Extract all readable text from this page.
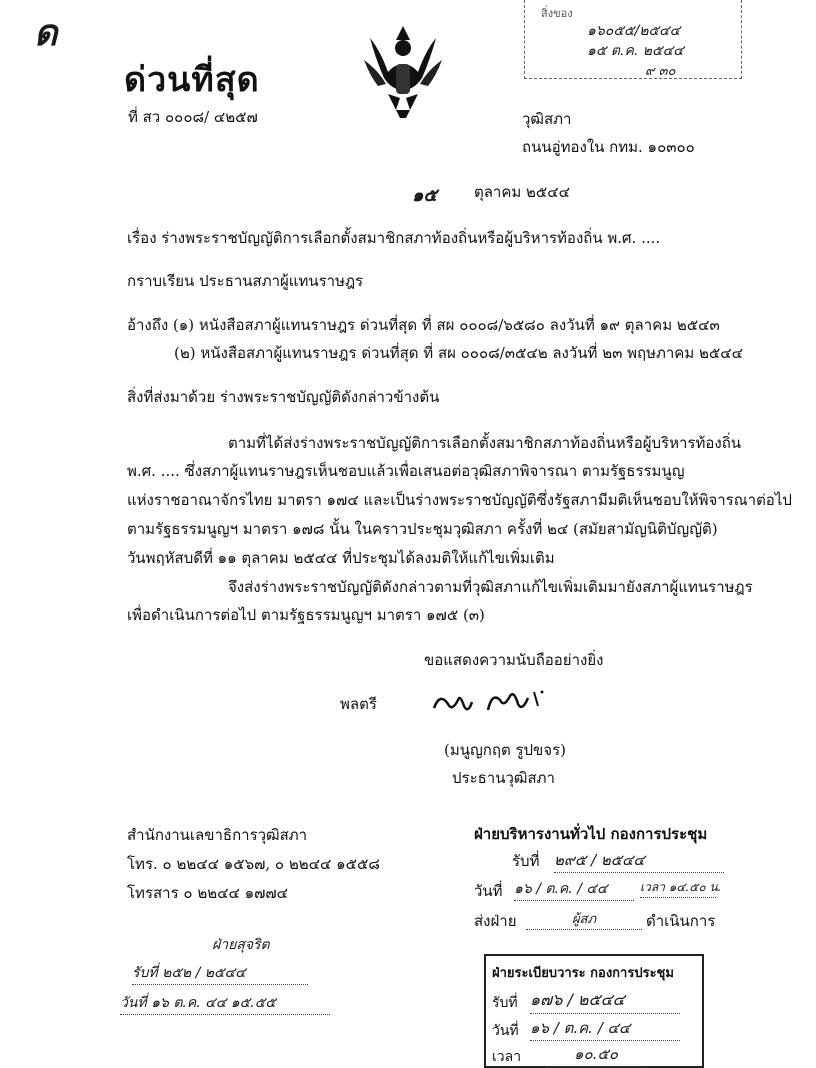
ด	สิ่งของ
๑๖๐๕๕/๒๕๔๔
๑๕ ต.ค. ๒๕๔๔
๙ ๓๐
ด่วนที่สุด
ที่ สว ๐๐๐๘/ ๔๒๕๗	วุฒิสภา
ถนนอู่ทองใน กทม. ๑๐๓๐๐
๑๕ ตุลาคม ๒๕๔๔
เรื่อง ร่างพระราชบัญญัติการเลือกตั้งสมาชิกสภาท้องถิ่นหรือผู้บริหารท้องถิ่น พ.ศ. ....
กราบเรียน ประธานสภาผู้แทนราษฎร
อ้างถึง (๑) หนังสือสภาผู้แทนราษฎร ด่วนที่สุด ที่ สผ ๐๐๐๘/๖๕๘๐ ลงวันที่ ๑๙ ตุลาคม ๒๕๔๓
(๒) หนังสือสภาผู้แทนราษฎร ด่วนที่สุด ที่ สผ ๐๐๐๘/๓๕๔๒ ลงวันที่ ๒๓ พฤษภาคม ๒๕๔๔
สิ่งที่ส่งมาด้วย ร่างพระราชบัญญัติดังกล่าวข้างต้น
ตามที่ได้ส่งร่างพระราชบัญญัติการเลือกตั้งสมาชิกสภาท้องถิ่นหรือผู้บริหารท้องถิ่น
พ.ศ. .... ซึ่งสภาผู้แทนราษฎรเห็นชอบแล้วเพื่อเสนอต่อวุฒิสภาพิจารณา ตามรัฐธรรมนูญ
แห่งราชอาณาจักรไทย มาตรา ๑๗๔ และเป็นร่างพระราชบัญญัติซึ่งรัฐสภามีมติเห็นชอบให้พิจารณาต่อไป
ตามรัฐธรรมนูญฯ มาตรา ๑๗๘ นั้น ในคราวประชุมวุฒิสภา ครั้งที่ ๒๔ (สมัยสามัญนิติบัญญัติ)
วันพฤหัสบดีที่ ๑๑ ตุลาคม ๒๕๔๔ ที่ประชุมได้ลงมติให้แก้ไขเพิ่มเติม
จึงส่งร่างพระราชบัญญัติดังกล่าวตามที่วุฒิสภาแก้ไขเพิ่มเติมมายังสภาผู้แทนราษฎร
เพื่อดำเนินการต่อไป ตามรัฐธรรมนูญฯ มาตรา ๑๗๕ (๓)
ขอแสดงความนับถืออย่างยิ่ง
พลตรี
(มนูญกฤต รูปขจร)
ประธานวุฒิสภา
สำนักงานเลขาธิการวุฒิสภา
โทร. ๐ ๒๒๔๔ ๑๕๖๗, ๐ ๒๒๔๔ ๑๕๕๘
โทรสาร ๐ ๒๒๔๔ ๑๗๗๔
ฝ่ายบริหารงานทั่วไป กองการประชุม
รับที่ ๒๙๕ / ๒๕๔๔
วันที่ ๑๖ / ต.ค. / ๔๔	เวลา ๑๔.๕๐ น.
ส่งฝ่าย	ผู้สภ	ดำเนินการ
ฝ่ายสุจริต
รับที่ ๒๕๒ / ๒๕๔๔
วันที่ ๑๖ ต.ค. ๔๔ ๑๕.๕๕
ฝ่ายระเบียบวาระ กองการประชุม
รับที่ ๑๗๖ / ๒๕๔๔
วันที่ ๑๖ / ต.ค. / ๔๔
เวลา	๑๐.๕๐
